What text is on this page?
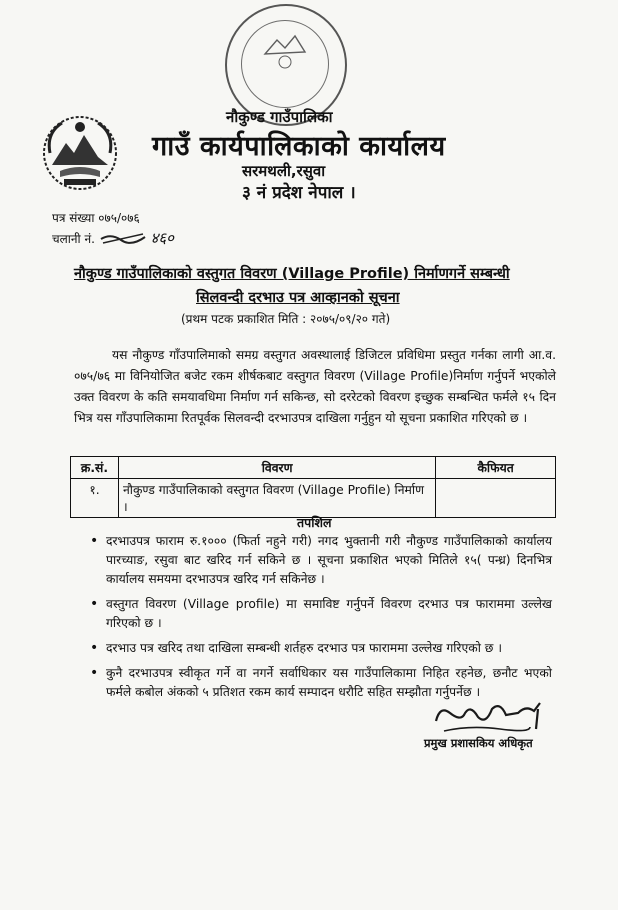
नौकुण्ड गाउँपालिका
गाउँ कार्यपालिकाको कार्यालय
सरमथली,रसुवा
३ नं प्रदेश नेपाल ।
पत्र संख्या ०७५/०७६
चलानी नं.	४६०
नौकुण्ड गाउँपालिकाको वस्तुगत विवरण (Village Profile) निर्माणगर्ने सम्बन्धी
सिलवन्दी दरभाउ पत्र आव्हानको सूचना
(प्रथम पटक प्रकाशित मिति : २०७५/०९/२० गते)
यस नौकुण्ड गाँउपालिमाको समग्र वस्तुगत अवस्थालाई डिजिटल प्रविधिमा प्रस्तुत गर्नका लागी आ.व. ०७५/७६ मा विनियोजित बजेट रकम शीर्षकबाट वस्तुगत विवरण (Village Profile)निर्माण गर्नुपर्ने भएकोले उक्त विवरण के कति समयावधिमा निर्माण गर्न सकिन्छ, सो दररेटको विवरण इच्छुक सम्बन्धित फर्मले १५ दिन भित्र यस गाँउपालिकामा रितपूर्वक सिलवन्दी दरभाउपत्र दाखिला गर्नुहुन यो सूचना प्रकाशित गरिएको छ ।
क्र.सं.	विवरण	कैफियत
१.	नौकुण्ड गाउँपालिकाको वस्तुगत विवरण (Village Profile) निर्माण ।	
तपशिल
• दरभाउपत्र फाराम रु.१००० (फिर्ता नहुने गरी) नगद भुक्तानी गरी नौकुण्ड गाउँपालिकाको कार्यालय पारच्याङ, रसुवा बाट खरिद गर्न सकिने छ । सूचना प्रकाशित भएको मितिले १५( पन्ध्र) दिनभित्र कार्यालय समयमा दरभाउपत्र खरिद गर्न सकिनेछ ।
• वस्तुगत विवरण (Village profile) मा समाविष्ट गर्नुपर्ने विवरण दरभाउ पत्र फाराममा उल्लेख गरिएको छ ।
• दरभाउ पत्र खरिद तथा दाखिला सम्बन्धी शर्तहरु दरभाउ पत्र फाराममा उल्लेख गरिएको छ ।
• कुनै दरभाउपत्र स्वीकृत गर्ने वा नगर्ने सर्वाधिकार यस गाउँपालिकामा निहित रहनेछ, छनौट भएको फर्मले कबोल अंकको ५ प्रतिशत रकम कार्य सम्पादन धरौटि सहित सम्झौता गर्नुपर्नेछ ।
प्रमुख प्रशासकिय अधिकृत
